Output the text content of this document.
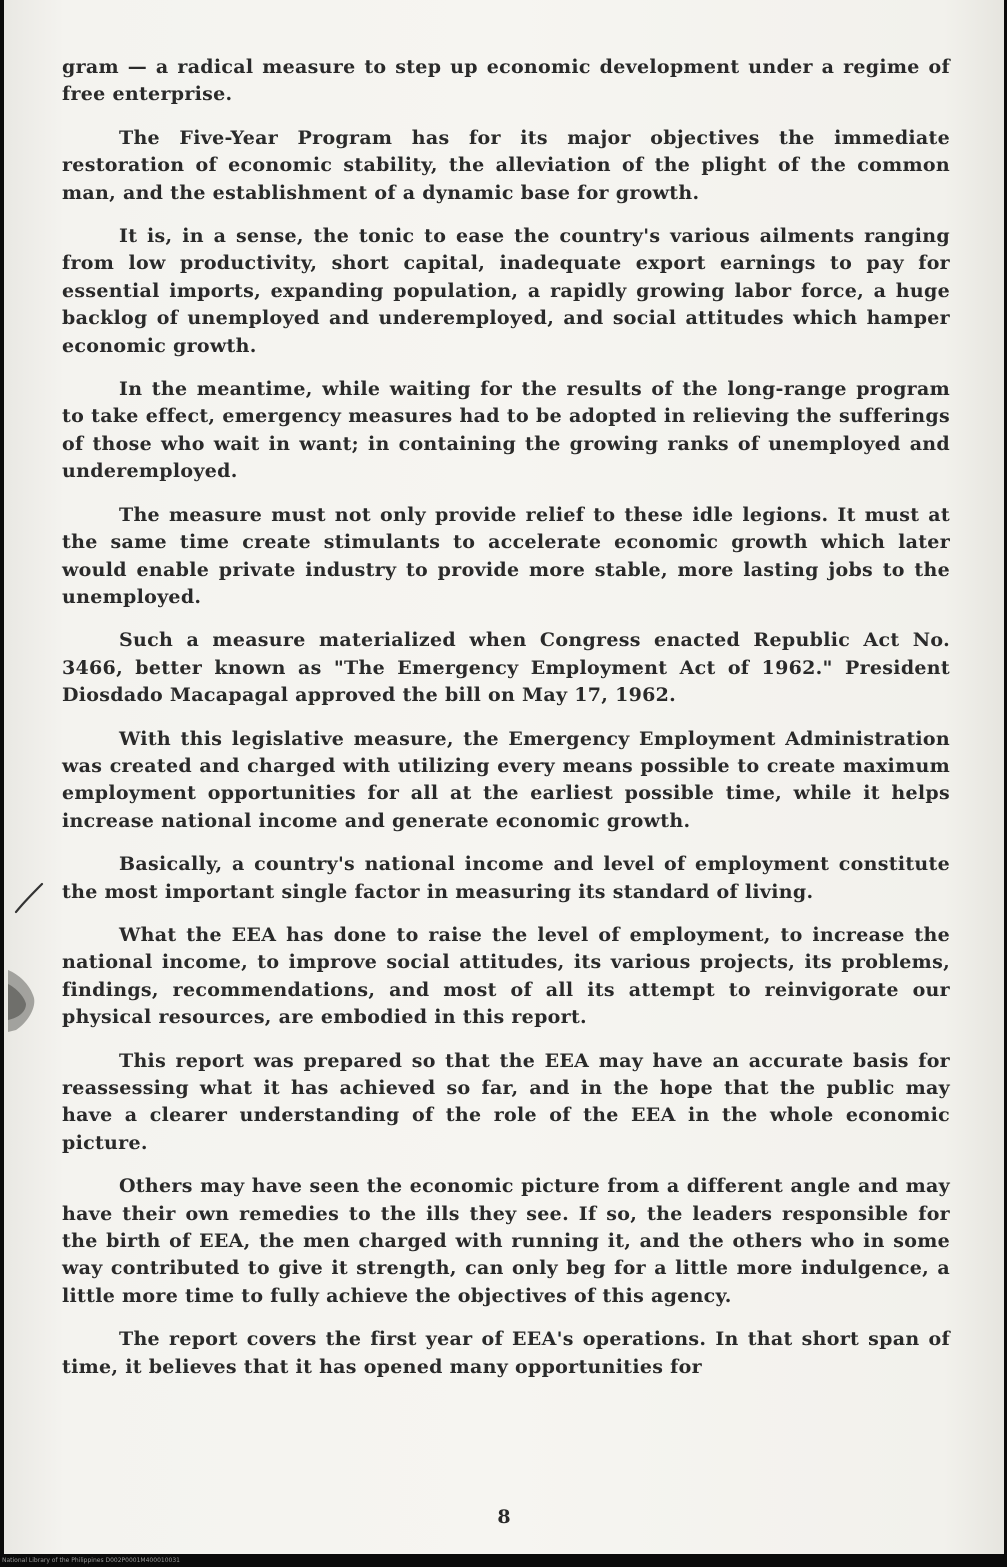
gram — a radical measure to step up economic development under a regime of free enterprise.

The Five-Year Program has for its major objectives the immediate restoration of economic stability, the alleviation of the plight of the common man, and the establishment of a dynamic base for growth.

It is, in a sense, the tonic to ease the country's various ailments ranging from low productivity, short capital, inadequate export earnings to pay for essential imports, expanding population, a rapidly growing labor force, a huge backlog of unemployed and underemployed, and social attitudes which hamper economic growth.

In the meantime, while waiting for the results of the long-range program to take effect, emergency measures had to be adopted in relieving the sufferings of those who wait in want; in containing the growing ranks of unemployed and underemployed.

The measure must not only provide relief to these idle legions. It must at the same time create stimulants to accelerate economic growth which later would enable private industry to provide more stable, more lasting jobs to the unemployed.

Such a measure materialized when Congress enacted Republic Act No. 3466, better known as "The Emergency Employment Act of 1962." President Diosdado Macapagal approved the bill on May 17, 1962.

With this legislative measure, the Emergency Employment Administration was created and charged with utilizing every means possible to create maximum employment opportunities for all at the earliest possible time, while it helps increase national income and generate economic growth.

Basically, a country's national income and level of employment constitute the most important single factor in measuring its standard of living.

What the EEA has done to raise the level of employment, to increase the national income, to improve social attitudes, its various projects, its problems, findings, recommendations, and most of all its attempt to reinvigorate our physical resources, are embodied in this report.

This report was prepared so that the EEA may have an accurate basis for reassessing what it has achieved so far, and in the hope that the public may have a clearer understanding of the role of the EEA in the whole economic picture.

Others may have seen the economic picture from a different angle and may have their own remedies to the ills they see. If so, the leaders responsible for the birth of EEA, the men charged with running it, and the others who in some way contributed to give it strength, can only beg for a little more indulgence, a little more time to fully achieve the objectives of this agency.

The report covers the first year of EEA's operations. In that short span of time, it believes that it has opened many opportunities for

8
National Library of the Philippines D002P0001M400010031
